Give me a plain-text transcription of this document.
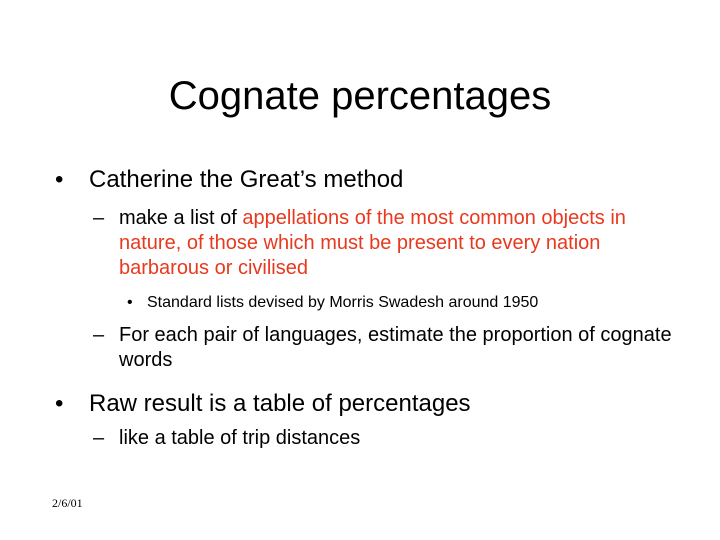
Cognate percentages
•	Catherine the Great’s method
– make a list of appellations of the most common objects in nature, of those which must be present to every nation barbarous or civilised
• Standard lists devised by Morris Swadesh around 1950
– For each pair of languages, estimate the proportion of cognate words
•	Raw result is a table of percentages
– like a table of trip distances
2/6/01
